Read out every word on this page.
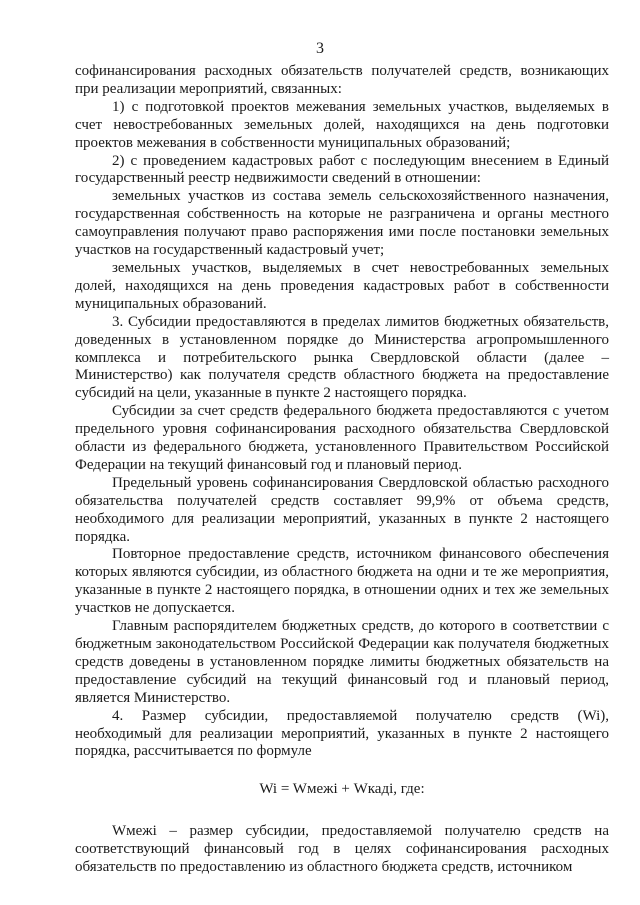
3

софинансирования расходных обязательств получателей средств, возникающих при реализации мероприятий, связанных:

1) с подготовкой проектов межевания земельных участков, выделяемых в счет невостребованных земельных долей, находящихся на день подготовки проектов межевания в собственности муниципальных образований;

2) с проведением кадастровых работ с последующим внесением в Единый государственный реестр недвижимости сведений в отношении:

земельных участков из состава земель сельскохозяйственного назначения, государственная собственность на которые не разграничена и органы местного самоуправления получают право распоряжения ими после постановки земельных участков на государственный кадастровый учет;

земельных участков, выделяемых в счет невостребованных земельных долей, находящихся на день проведения кадастровых работ в собственности муниципальных образований.

3. Субсидии предоставляются в пределах лимитов бюджетных обязательств, доведенных в установленном порядке до Министерства агропромышленного комплекса и потребительского рынка Свердловской области (далее – Министерство) как получателя средств областного бюджета на предоставление субсидий на цели, указанные в пункте 2 настоящего порядка.

Субсидии за счет средств федерального бюджета предоставляются с учетом предельного уровня софинансирования расходного обязательства Свердловской области из федерального бюджета, установленного Правительством Российской Федерации на текущий финансовый год и плановый период.

Предельный уровень софинансирования Свердловской областью расходного обязательства получателей средств составляет 99,9% от объема средств, необходимого для реализации мероприятий, указанных в пункте 2 настоящего порядка.

Повторное предоставление средств, источником финансового обеспечения которых являются субсидии, из областного бюджета на одни и те же мероприятия, указанные в пункте 2 настоящего порядка, в отношении одних и тех же земельных участков не допускается.

Главным распорядителем бюджетных средств, до которого в соответствии с бюджетным законодательством Российской Федерации как получателя бюджетных средств доведены в установленном порядке лимиты бюджетных обязательств на предоставление субсидий на текущий финансовый год и плановый период, является Министерство.

4. Размер субсидии, предоставляемой получателю средств (Wi), необходимый для реализации мероприятий, указанных в пункте 2 настоящего порядка, рассчитывается по формуле

Wi = Wмежі + Wкаді, где:

Wмежі – размер субсидии, предоставляемой получателю средств на соответствующий финансовый год в целях софинансирования расходных обязательств по предоставлению из областного бюджета средств, источником
